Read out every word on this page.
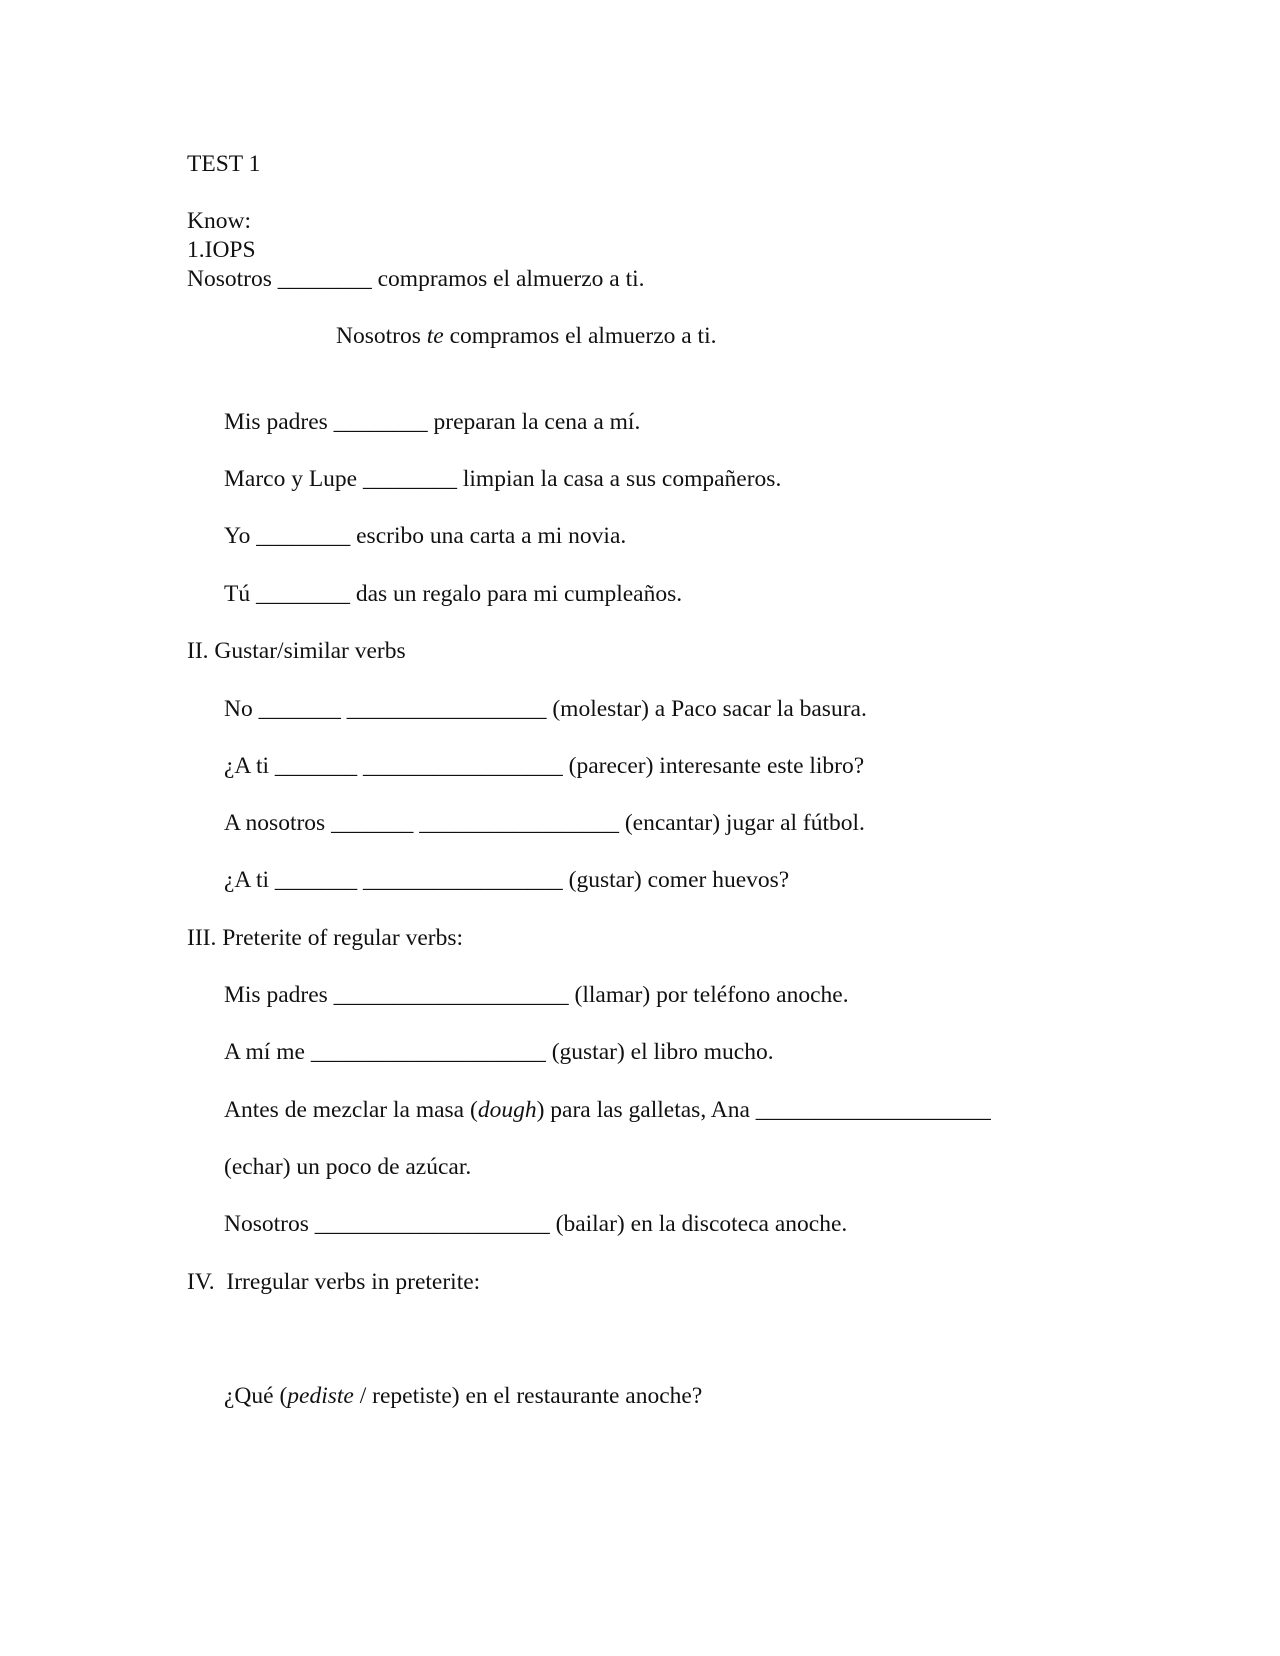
TEST 1
Know:
1.IOPS
Nosotros ________ compramos el almuerzo a ti.
Nosotros te compramos el almuerzo a ti.
Mis padres ________ preparan la cena a mí.
Marco y Lupe ________ limpian la casa a sus compañeros.
Yo ________ escribo una carta a mi novia.
Tú ________ das un regalo para mi cumpleaños.
II. Gustar/similar verbs
No _______ _________________ (molestar) a Paco sacar la basura.
¿A ti _______ _________________ (parecer) interesante este libro?
A nosotros _______ _________________ (encantar) jugar al fútbol.
¿A ti _______ _________________ (gustar) comer huevos?
III. Preterite of regular verbs:
Mis padres ____________________ (llamar) por teléfono anoche.
A mí me ____________________ (gustar) el libro mucho.
Antes de mezclar la masa (dough) para las galletas, Ana ____________________
(echar) un poco de azúcar.
Nosotros ____________________ (bailar) en la discoteca anoche.
IV.  Irregular verbs in preterite:
¿Qué (pediste / repetiste) en el restaurante anoche?
